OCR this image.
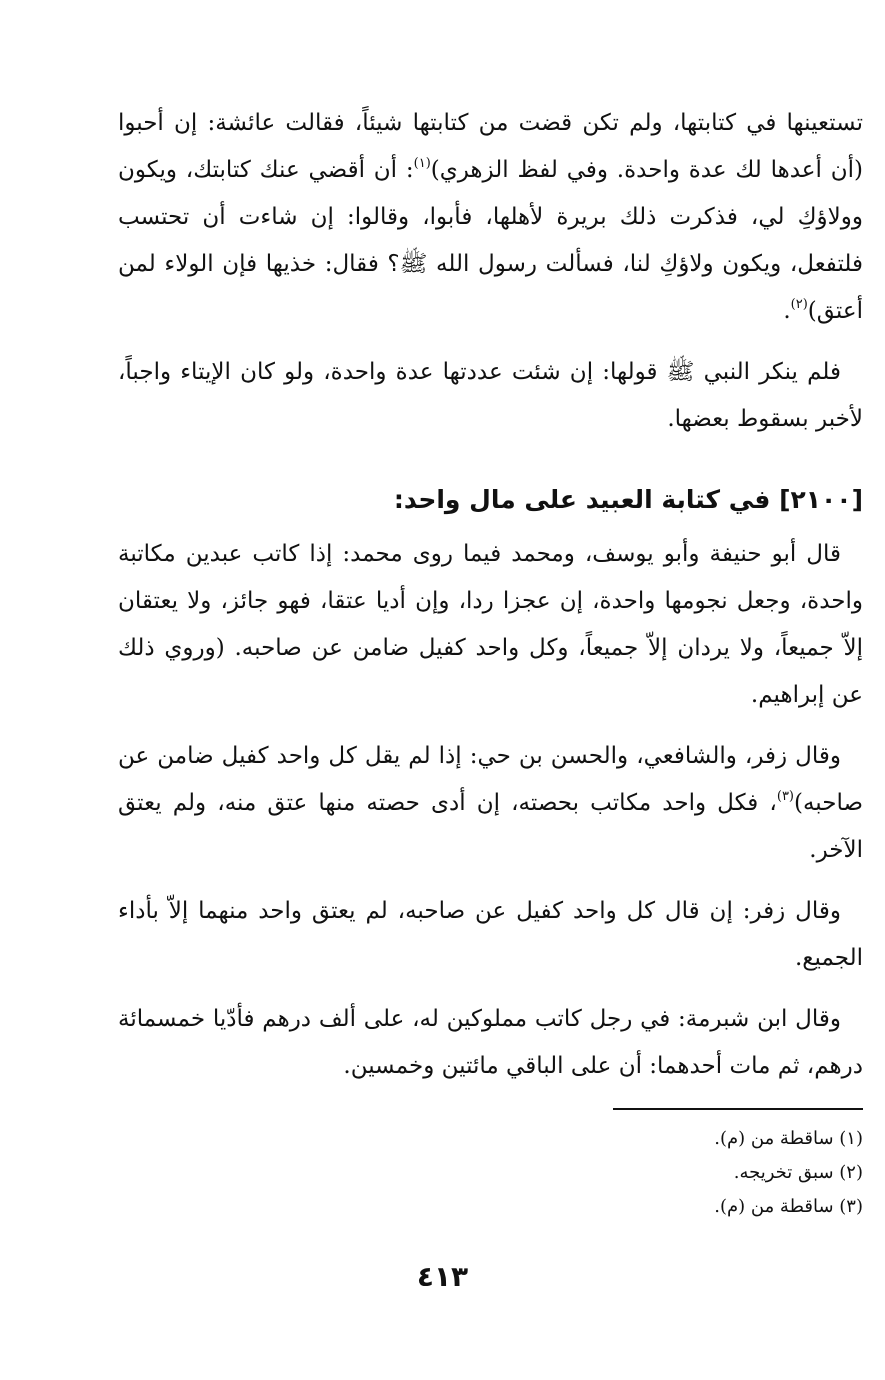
تستعينها في كتابتها، ولم تكن قضت من كتابتها شيئاً، فقالت عائشة: إن أحبوا (أن أعدها لك عدة واحدة. وفي لفظ الزهري)$^{(١)}$: أن أقضي عنك كتابتك، ويكون وولاؤكِ لي، فذكرت ذلك بريرة لأهلها، فأبوا، وقالوا: إن شاءت أن تحتسب فلتفعل، ويكون ولاؤكِ لنا، فسألت رسول الله ﷺ؟ فقال: خذيها فإن الولاء لمن أعتق)$^{(٢)}$.

فلم ينكر النبي ﷺ قولها: إن شئت عددتها عدة واحدة، ولو كان الإيتاء واجباً، لأخبر بسقوط بعضها.

[٢١٠٠] في كتابة العبيد على مال واحد:

قال أبو حنيفة وأبو يوسف، ومحمد فيما روى محمد: إذا كاتب عبدين مكاتبة واحدة، وجعل نجومها واحدة، إن عجزا ردا، وإن أديا عتقا، فهو جائز، ولا يعتقان إلاّ جميعاً، ولا يردان إلاّ جميعاً، وكل واحد كفيل ضامن عن صاحبه. (وروي ذلك عن إبراهيم.

وقال زفر، والشافعي، والحسن بن حي: إذا لم يقل كل واحد كفيل ضامن عن صاحبه)$^{(٣)}$، فكل واحد مكاتب بحصته، إن أدى حصته منها عتق منه، ولم يعتق الآخر.

وقال زفر: إن قال كل واحد كفيل عن صاحبه، لم يعتق واحد منهما إلاّ بأداء الجميع.

وقال ابن شبرمة: في رجل كاتب مملوكين له، على ألف درهم فأدّيا خمسمائة درهم، ثم مات أحدهما: أن على الباقي مائتين وخمسين.

(١) ساقطة من (م).
(٢) سبق تخريجه.
(٣) ساقطة من (م).
٤١٣
